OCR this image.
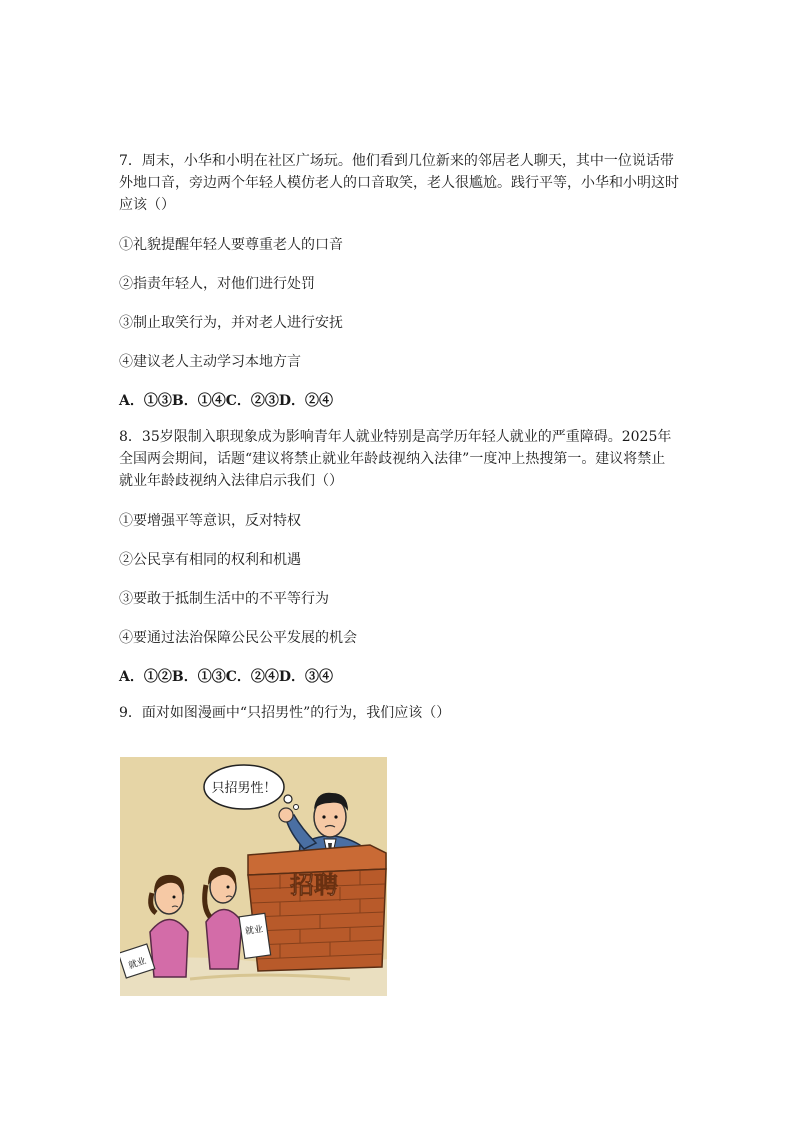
7．周末，小华和小明在社区广场玩。他们看到几位新来的邻居老人聊天，其中一位说话带外地口音，旁边两个年轻人模仿老人的口音取笑，老人很尴尬。践行平等，小华和小明这时应该（）

①礼貌提醒年轻人要尊重老人的口音

②指责年轻人，对他们进行处罚

③制止取笑行为，并对老人进行安抚

④建议老人主动学习本地方言

A．①③B．①④C．②③D．②④

8．35岁限制入职现象成为影响青年人就业特别是高学历年轻人就业的严重障碍。2025年全国两会期间，话题“建议将禁止就业年龄歧视纳入法律”一度冲上热搜第一。建议将禁止就业年龄歧视纳入法律启示我们（）

①要增强平等意识，反对特权

②公民享有相同的权利和机遇

③要敢于抵制生活中的不平等行为

④要通过法治保障公民公平发展的机会

A．①②B．①③C．②④D．③④

9．面对如图漫画中“只招男性”的行为，我们应该（）

只招男性！
招聘
就业
就业
